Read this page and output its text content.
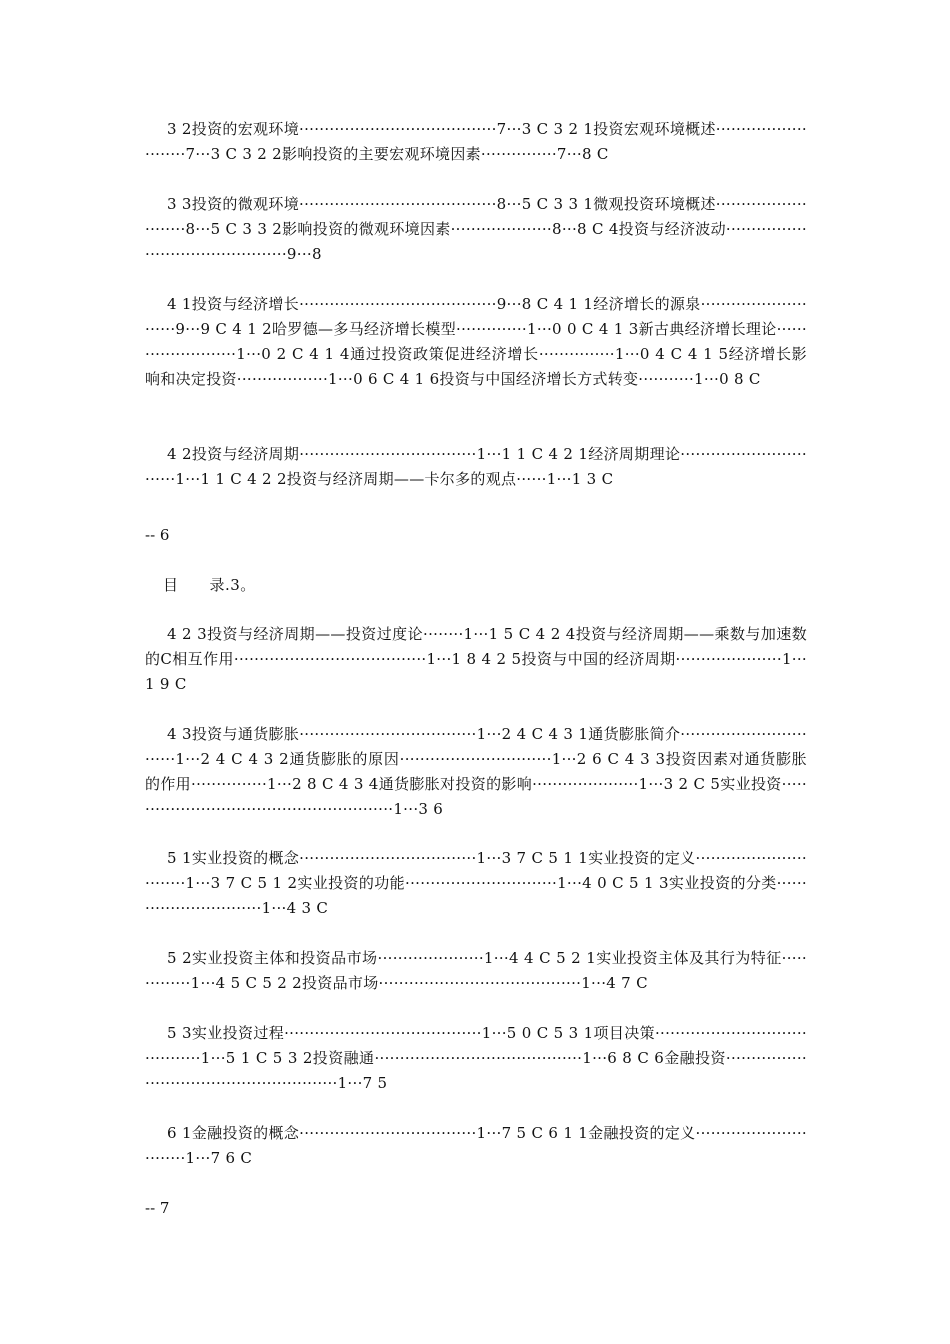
3 2投资的宏观环境·······································7···3 C 3 2 1投资宏观环境概述··························7···3 C 3 2 2影响投资的主要宏观环境因素···············7···8 C

3 3投资的微观环境·······································8···5 C 3 3 1微观投资环境概述··························8···5 C 3 3 2影响投资的微观环境因素····················8···8 C 4投资与经济波动············································9···8

4 1投资与经济增长·······································9···8 C 4 1 1经济增长的源泉···························9···9 C 4 1 2哈罗德—多马经济增长模型··············1···0 0 C 4 1 3新古典经济增长理论························1···0 2 C 4 1 4通过投资政策促进经济增长···············1···0 4 C 4 1 5经济增长影响和决定投资··················1···0 6 C 4 1 6投资与中国经济增长方式转变···········1···0 8 C

4 2投资与经济周期···································1···1 1 C 4 2 1经济周期理论·······························1···1 1 C 4 2 2投资与经济周期——卡尔多的观点······1···1 3 C

-- 6
目　　录.3。

4 2 3投资与经济周期——投资过度论········1···1 5 C 4 2 4投资与经济周期——乘数与加速数的C相互作用······································1···1 8 4 2 5投资与中国的经济周期·····················1···1 9 C

4 3投资与通货膨胀···································1···2 4 C 4 3 1通货膨胀简介·······························1···2 4 C 4 3 2通货膨胀的原因······························1···2 6 C 4 3 3投资因素对通货膨胀的作用···············1···2 8 C 4 3 4通货膨胀对投资的影响·····················1···3 2 C 5实业投资······················································1···3 6

5 1实业投资的概念···································1···3 7 C 5 1 1实业投资的定义······························1···3 7 C 5 1 2实业投资的功能······························1···4 0 C 5 1 3实业投资的分类·····························1···4 3 C

5 2实业投资主体和投资品市场·····················1···4 4 C 5 2 1实业投资主体及其行为特征··············1···4 5 C 5 2 2投资品市场········································1···4 7 C

5 3实业投资过程·······································1···5 0 C 5 3 1项目决策·········································1···5 1 C 5 3 2投资融通·········································1···6 8 C 6金融投资······················································1···7 5

6 1金融投资的概念···································1···7 5 C 6 1 1金融投资的定义······························1···7 6 C

-- 7
